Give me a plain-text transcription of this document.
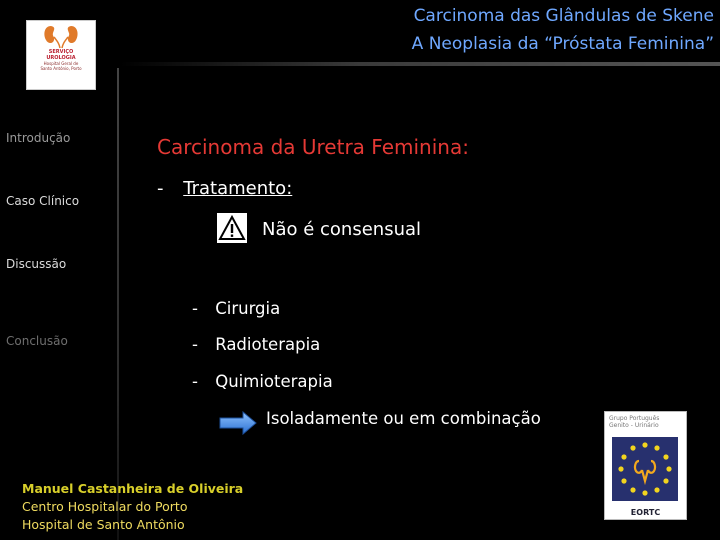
Carcinoma das Glândulas de Skene
A Neoplasia da “Próstata Feminina”
SERVIÇO
UROLOGIA
Hospital Geral de
Santo António, Porto
Introdução
Caso Clínico
Discussão
Conclusão
Carcinoma da Uretra Feminina:
- Tratamento:
Não é consensual
- Cirurgia
- Radioterapia
- Quimioterapia
Isoladamente ou em combinação	Grupo Português
Genito - Urinário
EORTC
Manuel Castanheira de Oliveira
Centro Hospitalar do Porto
Hospital de Santo Antônio
